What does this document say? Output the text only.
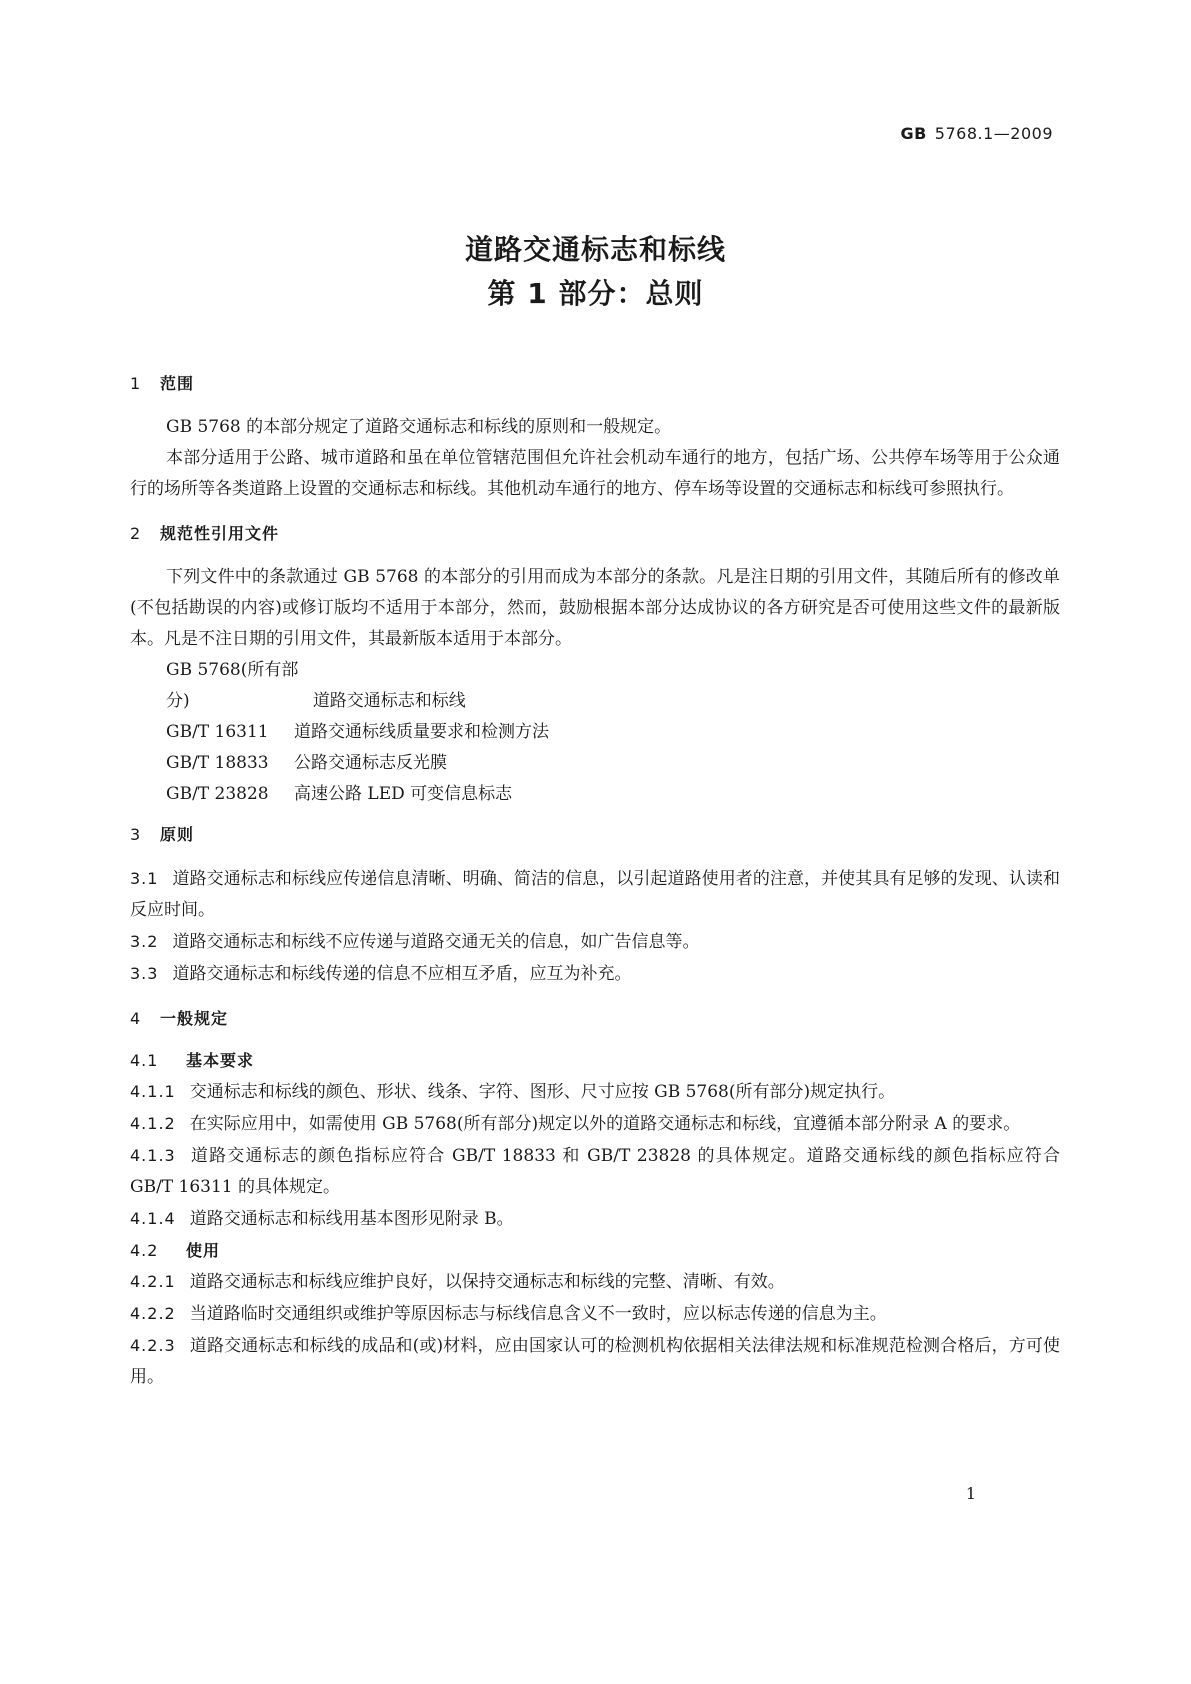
GB 5768.1—2009
道路交通标志和标线
第 1 部分：总则
1 范围

GB 5768 的本部分规定了道路交通标志和标线的原则和一般规定。

本部分适用于公路、城市道路和虽在单位管辖范围但允许社会机动车通行的地方，包括广场、公共停车场等用于公众通行的场所等各类道路上设置的交通标志和标线。其他机动车通行的地方、停车场等设置的交通标志和标线可参照执行。

2 规范性引用文件

下列文件中的条款通过 GB 5768 的本部分的引用而成为本部分的条款。凡是注日期的引用文件，其随后所有的修改单(不包括勘误的内容)或修订版均不适用于本部分，然而，鼓励根据本部分达成协议的各方研究是否可使用这些文件的最新版本。凡是不注日期的引用文件，其最新版本适用于本部分。

GB 5768(所有部分)	道路交通标志和标线
GB/T 16311 道路交通标线质量要求和检测方法
GB/T 18833 公路交通标志反光膜
GB/T 23828 高速公路 LED 可变信息标志
3 原则
3.1 道路交通标志和标线应传递信息清晰、明确、简洁的信息，以引起道路使用者的注意，并使其具有足够的发现、认读和反应时间。
3.2 道路交通标志和标线不应传递与道路交通无关的信息，如广告信息等。
3.3 道路交通标志和标线传递的信息不应相互矛盾，应互为补充。
4 一般规定
4.1 基本要求
4.1.1 交通标志和标线的颜色、形状、线条、字符、图形、尺寸应按 GB 5768(所有部分)规定执行。
4.1.2 在实际应用中，如需使用 GB 5768(所有部分)规定以外的道路交通标志和标线，宜遵循本部分附录 A 的要求。
4.1.3 道路交通标志的颜色指标应符合 GB/T 18833 和 GB/T 23828 的具体规定。道路交通标线的颜色指标应符合 GB/T 16311 的具体规定。
4.1.4 道路交通标志和标线用基本图形见附录 B。
4.2 使用
4.2.1 道路交通标志和标线应维护良好，以保持交通标志和标线的完整、清晰、有效。
4.2.2 当道路临时交通组织或维护等原因标志与标线信息含义不一致时，应以标志传递的信息为主。
4.2.3 道路交通标志和标线的成品和(或)材料，应由国家认可的检测机构依据相关法律法规和标准规范检测合格后，方可使用。
1
